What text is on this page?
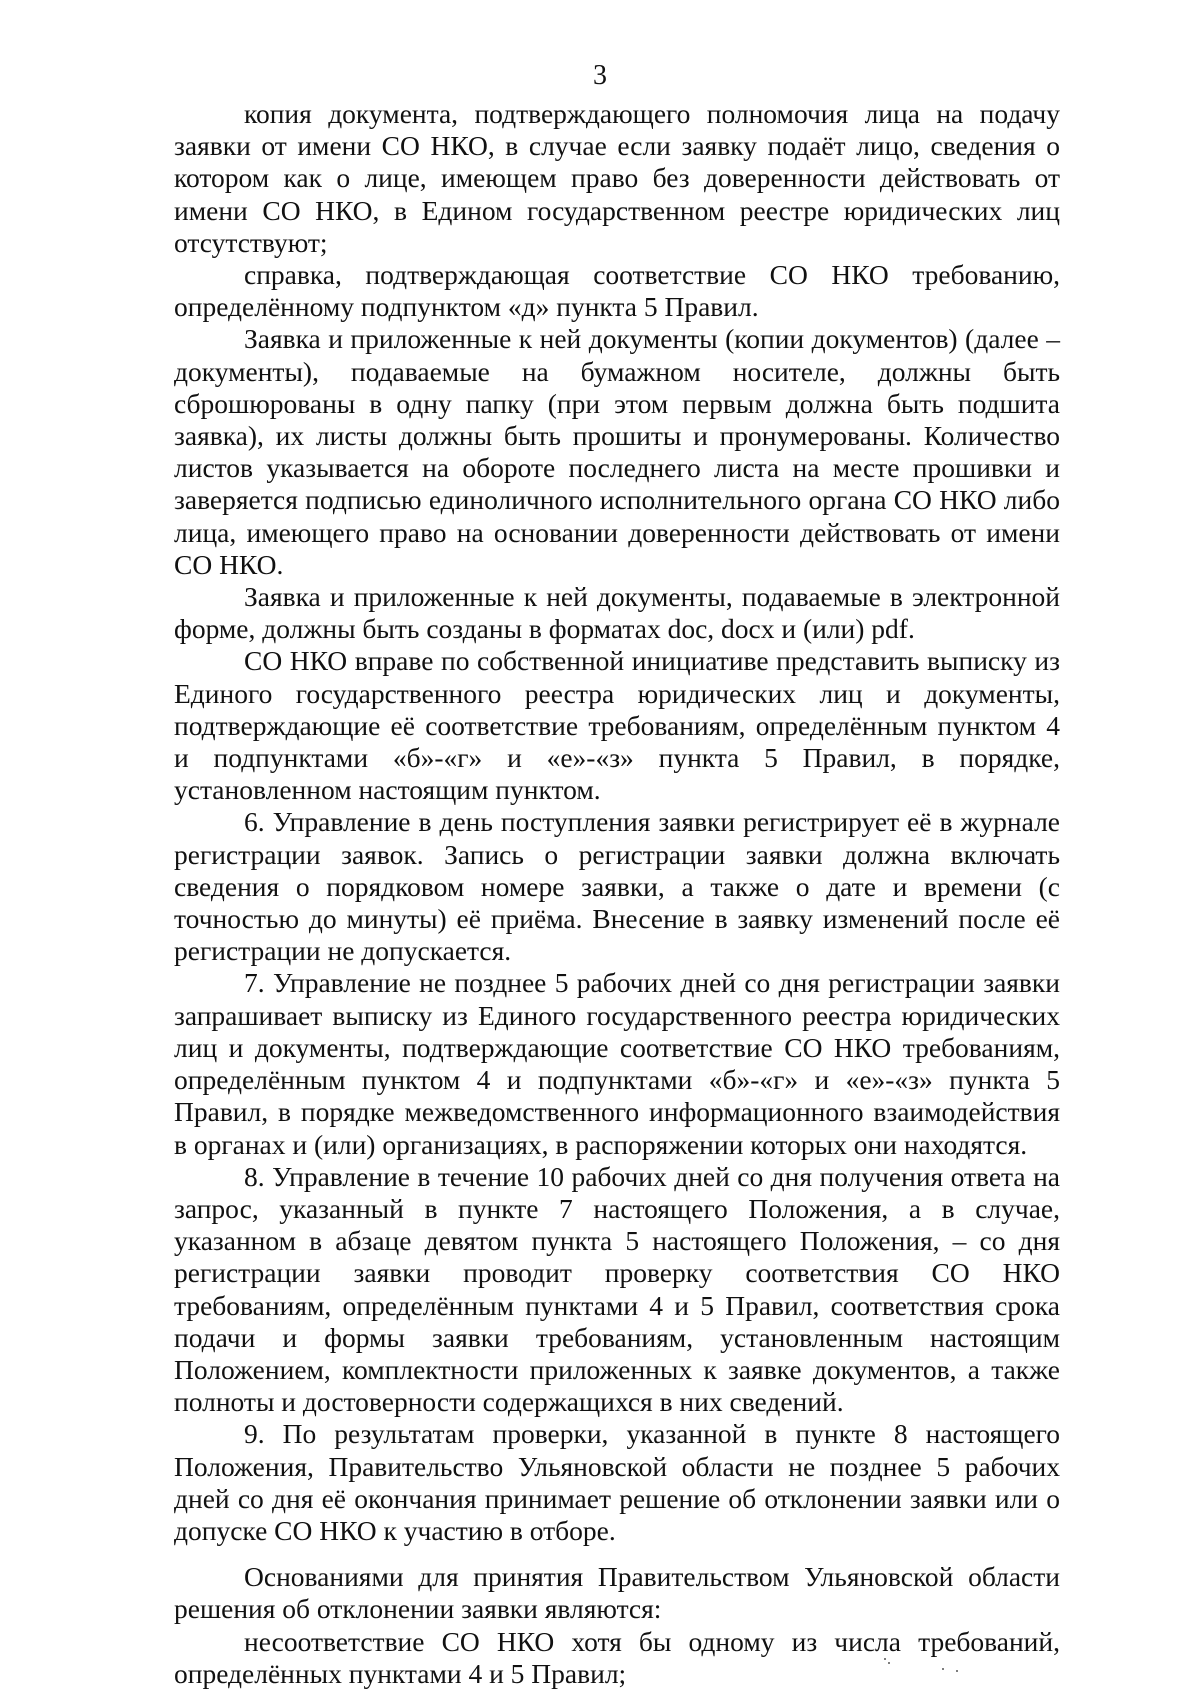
3

копия документа, подтверждающего полномочия лица на подачу заявки от имени СО НКО, в случае если заявку подаёт лицо, сведения о котором как о лице, имеющем право без доверенности действовать от имени СО НКО, в Едином государственном реестре юридических лиц отсутствуют;

справка, подтверждающая соответствие СО НКО требованию, определённому подпунктом «д» пункта 5 Правил.

Заявка и приложенные к ней документы (копии документов) (далее – документы), подаваемые на бумажном носителе, должны быть сброшюрованы в одну папку (при этом первым должна быть подшита заявка), их листы должны быть прошиты и пронумерованы. Количество листов указывается на обороте последнего листа на месте прошивки и заверяется подписью единоличного исполнительного органа СО НКО либо лица, имеющего право на основании доверенности действовать от имени СО НКО.

Заявка и приложенные к ней документы, подаваемые в электронной форме, должны быть созданы в форматах doc, docx и (или) pdf.

СО НКО вправе по собственной инициативе представить выписку из Единого государственного реестра юридических лиц и документы, подтверждающие её соответствие требованиям, определённым пунктом 4 и подпунктами «б»-«г» и «е»-«з» пункта 5 Правил, в порядке, установленном настоящим пунктом.

6. Управление в день поступления заявки регистрирует её в журнале регистрации заявок. Запись о регистрации заявки должна включать сведения о порядковом номере заявки, а также о дате и времени (с точностью до минуты) её приёма. Внесение в заявку изменений после её регистрации не допускается.

7. Управление не позднее 5 рабочих дней со дня регистрации заявки запрашивает выписку из Единого государственного реестра юридических лиц и документы, подтверждающие соответствие СО НКО требованиям, определённым пунктом 4 и подпунктами «б»-«г» и «е»-«з» пункта 5 Правил, в порядке межведомственного информационного взаимодействия в органах и (или) организациях, в распоряжении которых они находятся.

8. Управление в течение 10 рабочих дней со дня получения ответа на запрос, указанный в пункте 7 настоящего Положения, а в случае, указанном в абзаце девятом пункта 5 настоящего Положения, – со дня регистрации заявки проводит проверку соответствия СО НКО требованиям, определённым пунктами 4 и 5 Правил, соответствия срока подачи и формы заявки требованиям, установленным настоящим Положением, комплектности приложенных к заявке документов, а также полноты и достоверности содержащихся в них сведений.

9. По результатам проверки, указанной в пункте 8 настоящего Положения, Правительство Ульяновской области не позднее 5 рабочих дней со дня её окончания принимает решение об отклонении заявки или о допуске СО НКО к участию в отборе.

Основаниями для принятия Правительством Ульяновской области решения об отклонении заявки являются:

несоответствие СО НКО хотя бы одному из числа требований, определённых пунктами 4 и 5 Правил;
